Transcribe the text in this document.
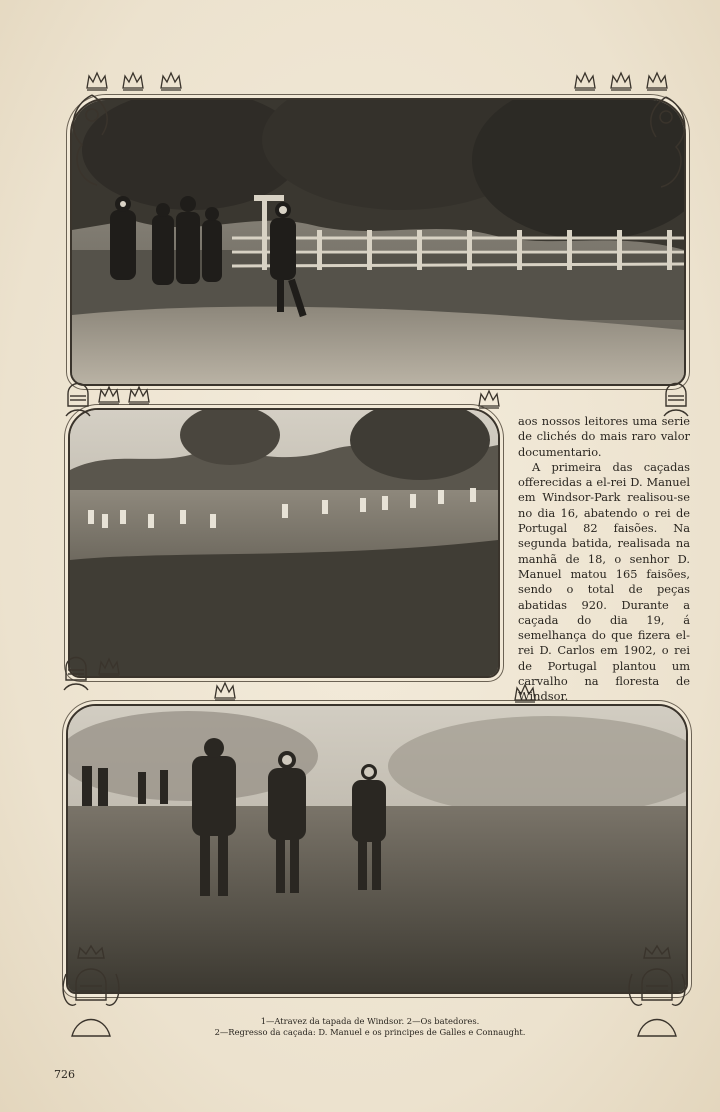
aos nossos leitores uma serie de clichés do mais raro valor documentario.

A primeira das caçadas offerecidas a el-rei D. Manuel em Windsor-Park realisou-se no dia 16, abatendo o rei de Portugal 82 faisões. Na segunda batida, realisada na manhã de 18, o senhor D. Manuel matou 165 faisões, sendo o total de peças abatidas 920. Durante a caçada do dia 19, á semelhança do que fizera el-rei D. Carlos em 1902, o rei de Portugal plantou um carvalho na floresta de Windsor.

1—Atravez da tapada de Windsor. 2—Os batedores.
2—Regresso da caçada: D. Manuel e os principes de Galles e Connaught.
726
